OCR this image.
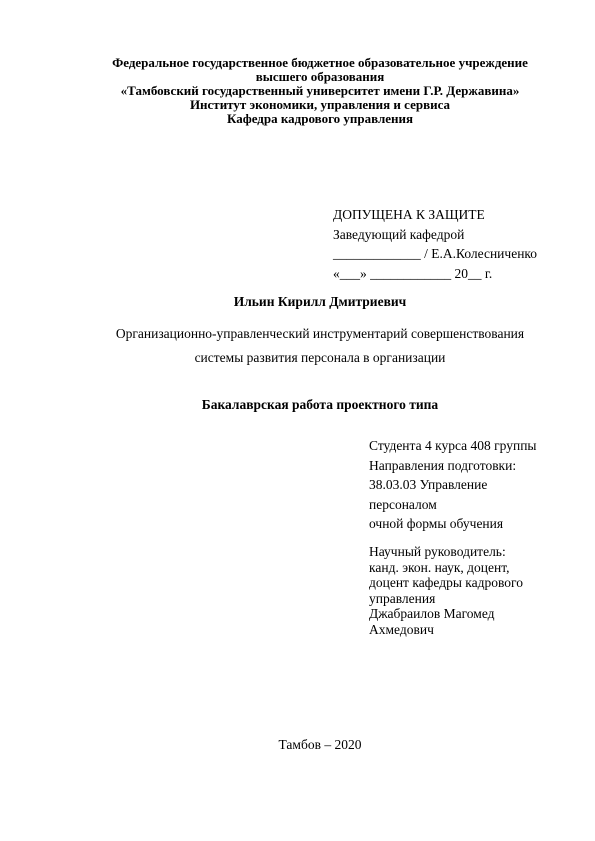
Федеральное государственное бюджетное образовательное учреждение
высшего образования
«Тамбовский государственный университет имени Г.Р. Державина»
Институт экономики, управления и сервиса
Кафедра кадрового управления
ДОПУЩЕНА К ЗАЩИТЕ
Заведующий кафедрой
_____________ / Е.А.Колесниченко
«___» ____________ 20__ г.
Ильин Кирилл Дмитриевич
Организационно-управленческий инструментарий совершенствования
системы развития персонала в организации
Бакалаврская работа проектного типа
Студента 4 курса 408 группы
Направления подготовки:
38.03.03 Управление
персоналом
очной формы обучения
Научный руководитель:
канд. экон. наук, доцент,
доцент кафедры кадрового
управления
Джабраилов Магомед
Ахмедович
Тамбов – 2020
